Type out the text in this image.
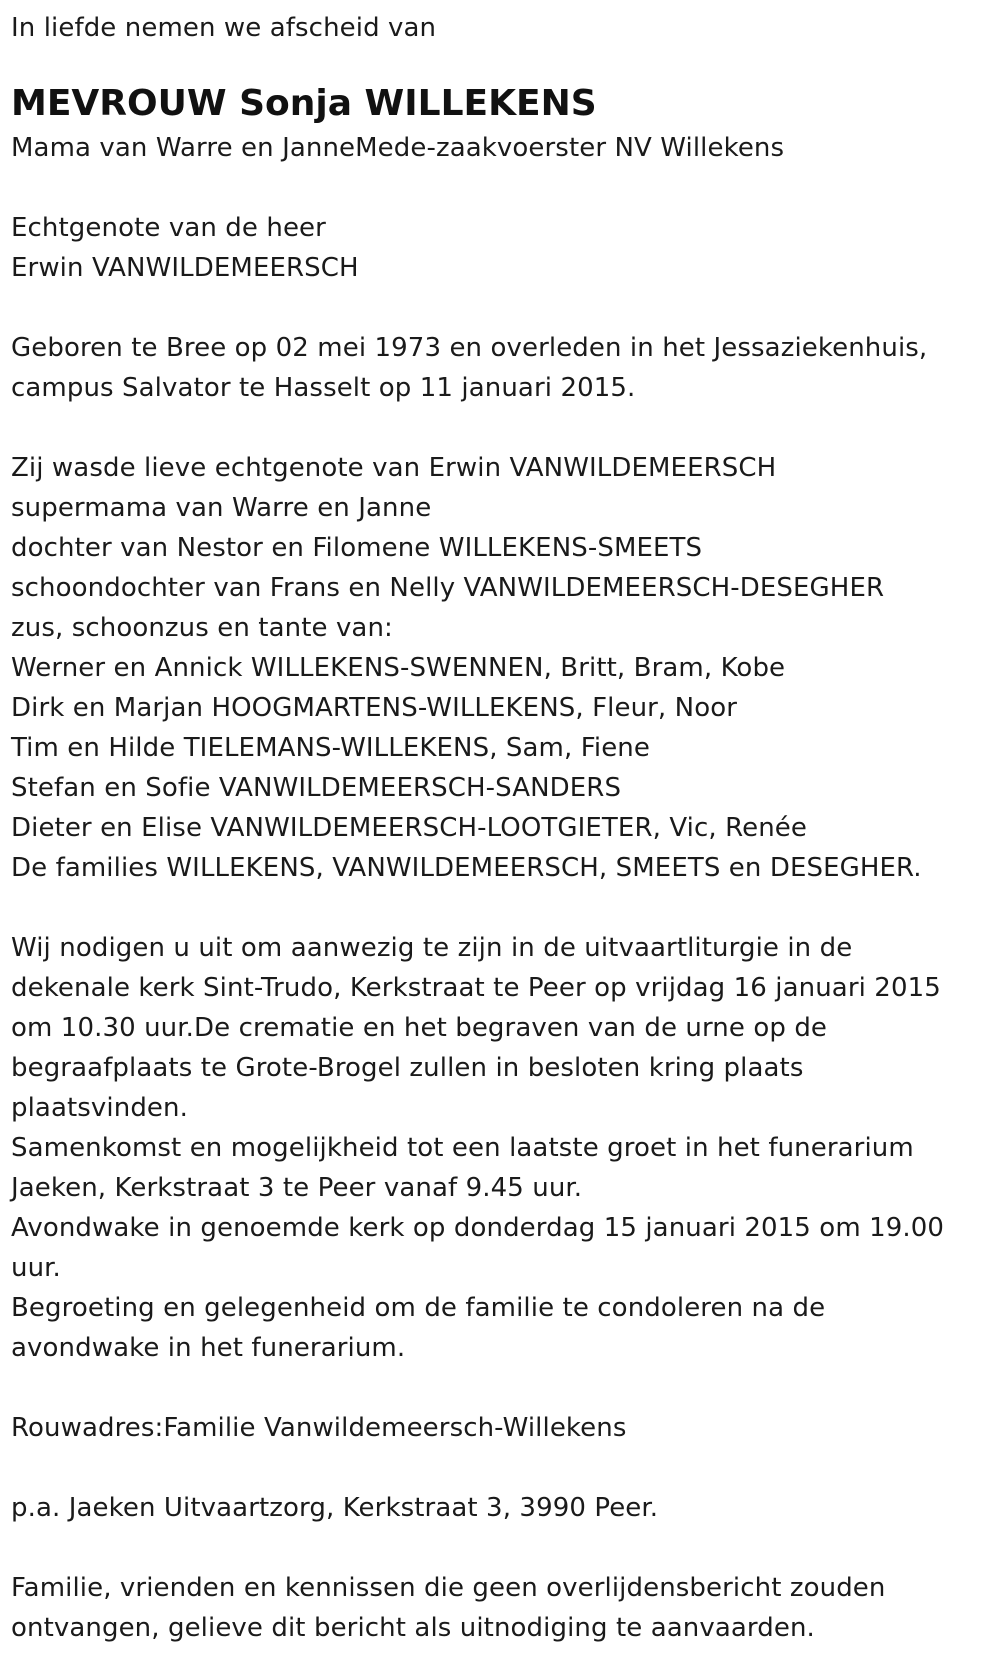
In liefde nemen we afscheid van
MEVROUW Sonja WILLEKENS
Mama van Warre en JanneMede-zaakvoerster NV Willekens
Echtgenote van de heer
Erwin VANWILDEMEERSCH
Geboren te Bree op 02 mei 1973 en overleden in het Jessaziekenhuis,
campus Salvator te Hasselt op 11 januari 2015.
Zij wasde lieve echtgenote van Erwin VANWILDEMEERSCH
supermama van Warre en Janne
dochter van Nestor en Filomene WILLEKENS-SMEETS
schoondochter van Frans en Nelly VANWILDEMEERSCH-DESEGHER
zus, schoonzus en tante van:
Werner en Annick WILLEKENS-SWENNEN, Britt, Bram, Kobe
Dirk en Marjan HOOGMARTENS-WILLEKENS, Fleur, Noor
Tim en Hilde TIELEMANS-WILLEKENS, Sam, Fiene
Stefan en Sofie VANWILDEMEERSCH-SANDERS
Dieter en Elise VANWILDEMEERSCH-LOOTGIETER, Vic, Renée
De families WILLEKENS, VANWILDEMEERSCH, SMEETS en DESEGHER.
Wij nodigen u uit om aanwezig te zijn in de uitvaartliturgie in de
dekenale kerk Sint-Trudo, Kerkstraat te Peer op vrijdag 16 januari 2015
om 10.30 uur.De crematie en het begraven van de urne op de
begraafplaats te Grote-Brogel zullen in besloten kring plaats
plaatsvinden.
Samenkomst en mogelijkheid tot een laatste groet in het funerarium
Jaeken, Kerkstraat 3 te Peer vanaf 9.45 uur.
Avondwake in genoemde kerk op donderdag 15 januari 2015 om 19.00
uur.
Begroeting en gelegenheid om de familie te condoleren na de
avondwake in het funerarium.
Rouwadres:Familie Vanwildemeersch-Willekens
p.a. Jaeken Uitvaartzorg, Kerkstraat 3, 3990 Peer.
Familie, vrienden en kennissen die geen overlijdensbericht zouden
ontvangen, gelieve dit bericht als uitnodiging te aanvaarden.
